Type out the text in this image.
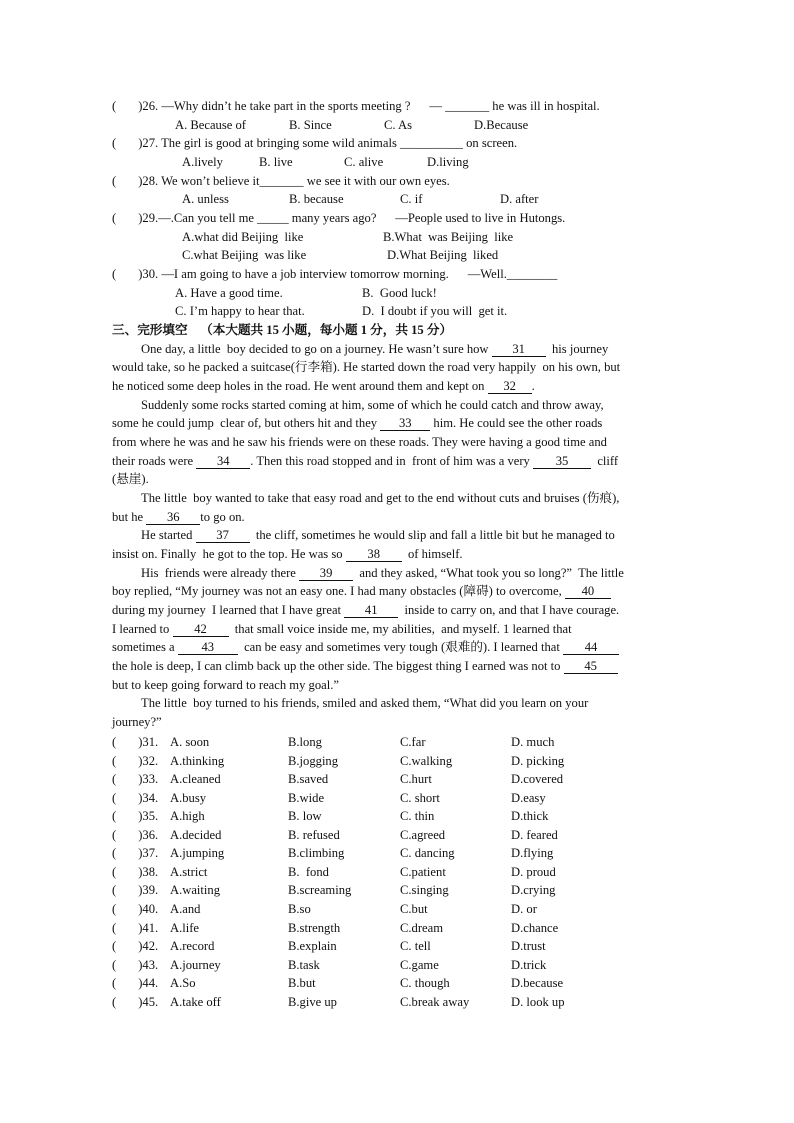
(       )26. —Why didn’t he take part in the sports meeting ?      — _______ he was ill in hospital.
A. Because of	B. Since	C. As	D.Because
(       )27. The girl is good at bringing some wild animals __________ on screen.
A.lively	B. live	C. alive	D.living
(       )28. We won’t believe it_______ we see it with our own eyes.
A. unless	B. because	C. if	D. after
(       )29.—.Can you tell me _____ many years ago?      —People used to live in Hutongs.
A.what did Beijing  like	B.What  was Beijing  like
C.what Beijing  was like	D.What Beijing  liked
(       )30. —I am going to have a job interview tomorrow morning.      —Well.________
A. Have a good time.	B.  Good luck!
C. I’m happy to hear that.	D.  I doubt if you will  get it.
三、完形填空    （本大题共 15 小题，每小题 1 分，共 15 分）
One day, a little  boy decided to go on a journey. He wasn’t sure how 31  his journey
would take, so he packed a suitcase(行李箱). He started down the road very happily  on his own, but
he noticed some deep holes in the road. He went around them and kept on 32 .
Suddenly some rocks started coming at him, some of which he could catch and throw away,
some he could jump  clear of, but others hit and they 33 him. He could see the other roads
from where he was and he saw his friends were on these roads. They were having a good time and
their roads were 34 . Then this road stopped and in  front of him was a very 35  cliff
(悬崖).
The little  boy wanted to take that easy road and get to the end without cuts and bruises (伤痕),
but he 36 to go on.
He started 37  the cliff, sometimes he would slip and fall a little bit but he managed to
insist on. Finally  he got to the top. He was so 38  of himself.
His  friends were already there 39  and they asked, “What took you so long?”  The little
boy replied, “My journey was not an easy one. I had many obstacles (障碍) to overcome, 40
during my journey  I learned that I have great 41  inside to carry on, and that I have courage.
I learned to 42  that small voice inside me, my abilities,  and myself. 1 learned that
sometimes a 43  can be easy and sometimes very tough (艰难的). I learned that 44
the hole is deep, I can climb back up the other side. The biggest thing I earned was not to 45
but to keep going forward to reach my goal.”
The little  boy turned to his friends, smiled and asked them, “What did you learn on your
journey?”
(       )31. A. soon	B.long	C.far	D. much
(       )32. A.thinking	B.jogging	C.walking	D. picking
(       )33. A.cleaned	B.saved	C.hurt	D.covered
(       )34. A.busy	B.wide	C. short	D.easy
(       )35. A.high	B. low	C. thin	D.thick
(       )36. A.decided	B. refused	C.agreed	D. feared
(       )37. A.jumping	B.climbing	C. dancing	D.flying
(       )38. A.strict	B.  fond	C.patient	D. proud
(       )39. A.waiting	B.screaming	C.singing	D.crying
(       )40. A.and	B.so	C.but	D. or
(       )41. A.life	B.strength	C.dream	D.chance
(       )42. A.record	B.explain	C. tell	D.trust
(       )43. A.journey	B.task	C.game	D.trick
(       )44. A.So	B.but	C. though	D.because
(       )45. A.take off	B.give up	C.break away	D. look up
